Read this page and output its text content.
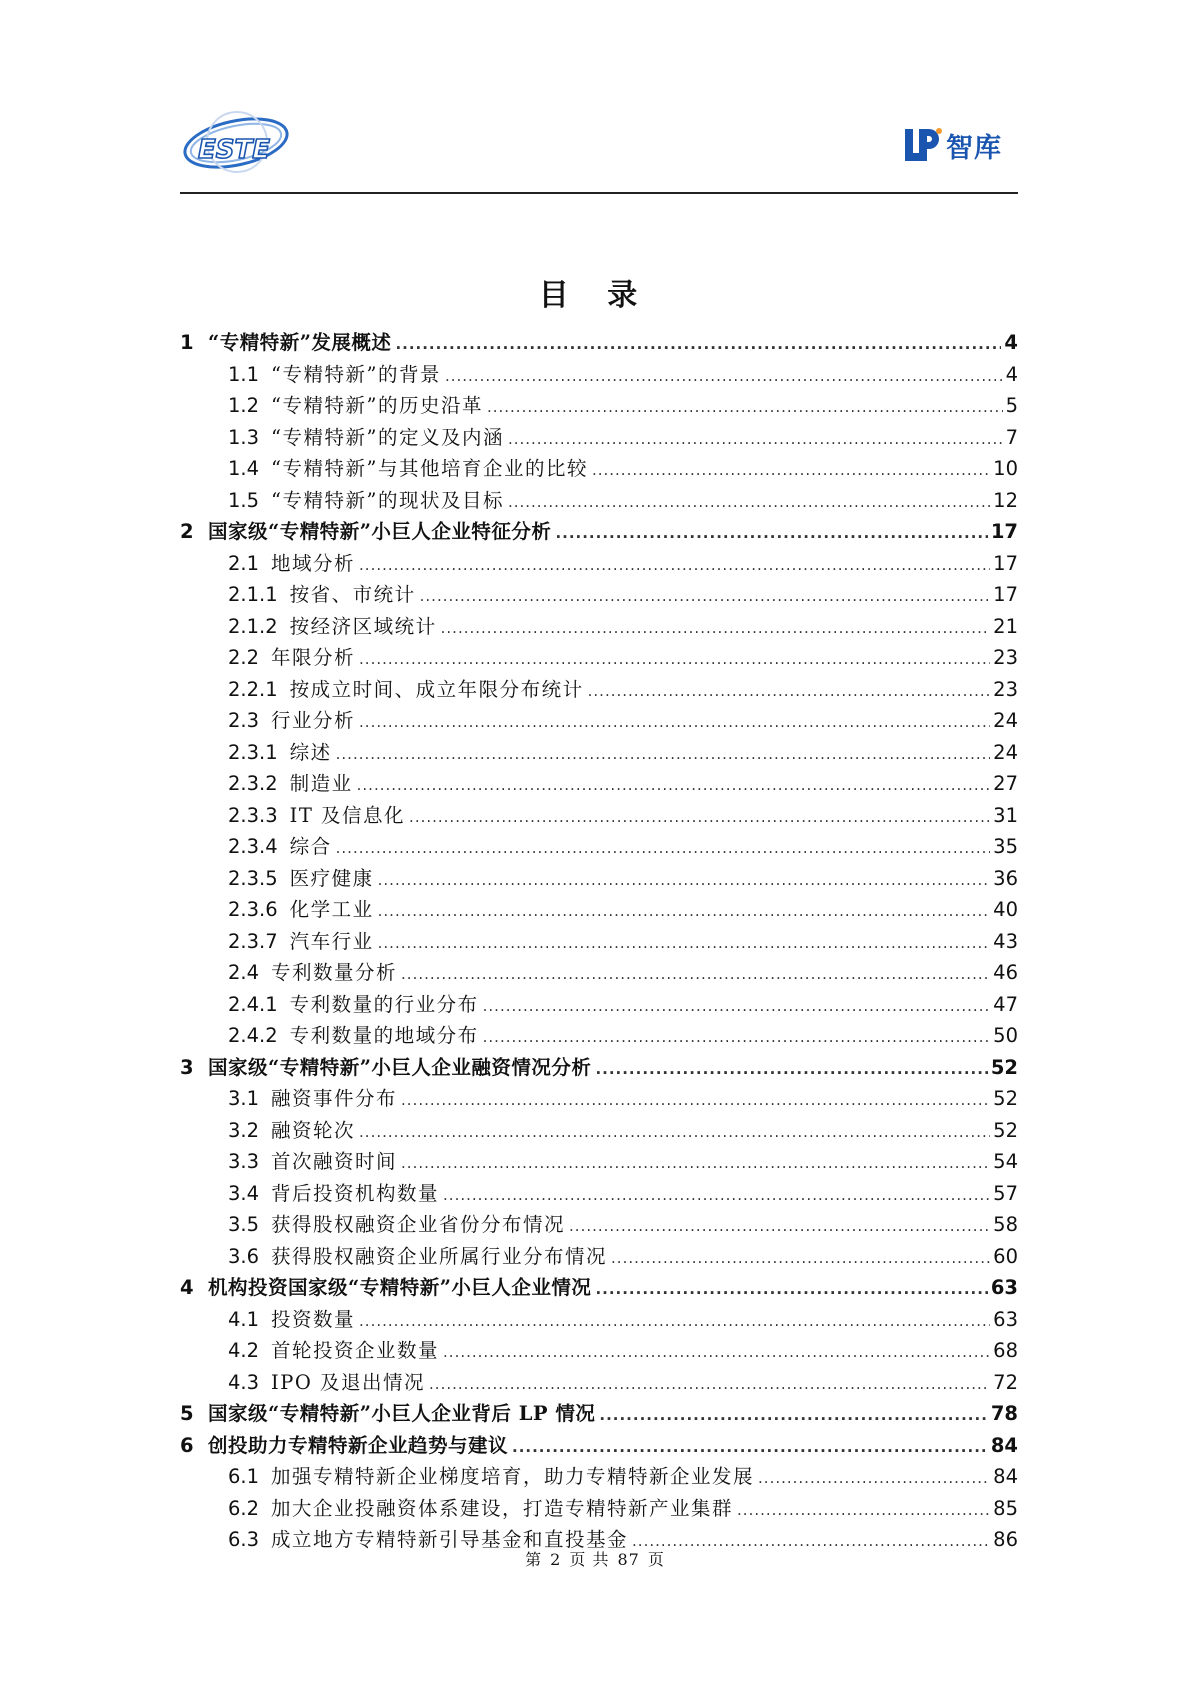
ESTE	智库
目 录
1 “专精特新”发展概述 .....	4
1.1 “专精特新”的背景 .....	4
1.2 “专精特新”的历史沿革 .....	5
1.3 “专精特新”的定义及内涵 .....	7
1.4 “专精特新”与其他培育企业的比较 .....	10
1.5 “专精特新”的现状及目标 .....	12
2 国家级“专精特新”小巨人企业特征分析 .....	17
2.1 地域分析 .....	17
2.1.1 按省、市统计 .....	17
2.1.2 按经济区域统计 .....	21
2.2 年限分析 .....	23
2.2.1 按成立时间、成立年限分布统计 .....	23
2.3 行业分析 .....	24
2.3.1 综述 .....	24
2.3.2 制造业 .....	27
2.3.3 IT 及信息化 .....	31
2.3.4 综合 .....	35
2.3.5 医疗健康 .....	36
2.3.6 化学工业 .....	40
2.3.7 汽车行业 .....	43
2.4 专利数量分析 .....	46
2.4.1 专利数量的行业分布 .....	47
2.4.2 专利数量的地域分布 .....	50
3 国家级“专精特新”小巨人企业融资情况分析 .....	52
3.1 融资事件分布 .....	52
3.2 融资轮次 .....	52
3.3 首次融资时间 .....	54
3.4 背后投资机构数量 .....	57
3.5 获得股权融资企业省份分布情况 .....	58
3.6 获得股权融资企业所属行业分布情况 .....	60
4 机构投资国家级“专精特新”小巨人企业情况 .....	63
4.1 投资数量 .....	63
4.2 首轮投资企业数量 .....	68
4.3 IPO 及退出情况 .....	72
5 国家级“专精特新”小巨人企业背后 LP 情况 .....	78
6 创投助力专精特新企业趋势与建议 .....	84
6.1 加强专精特新企业梯度培育，助力专精特新企业发展 .....	84
6.2 加大企业投融资体系建设，打造专精特新产业集群 .....	85
6.3 成立地方专精特新引导基金和直投基金 .....	86
第 2 页 共 87 页
